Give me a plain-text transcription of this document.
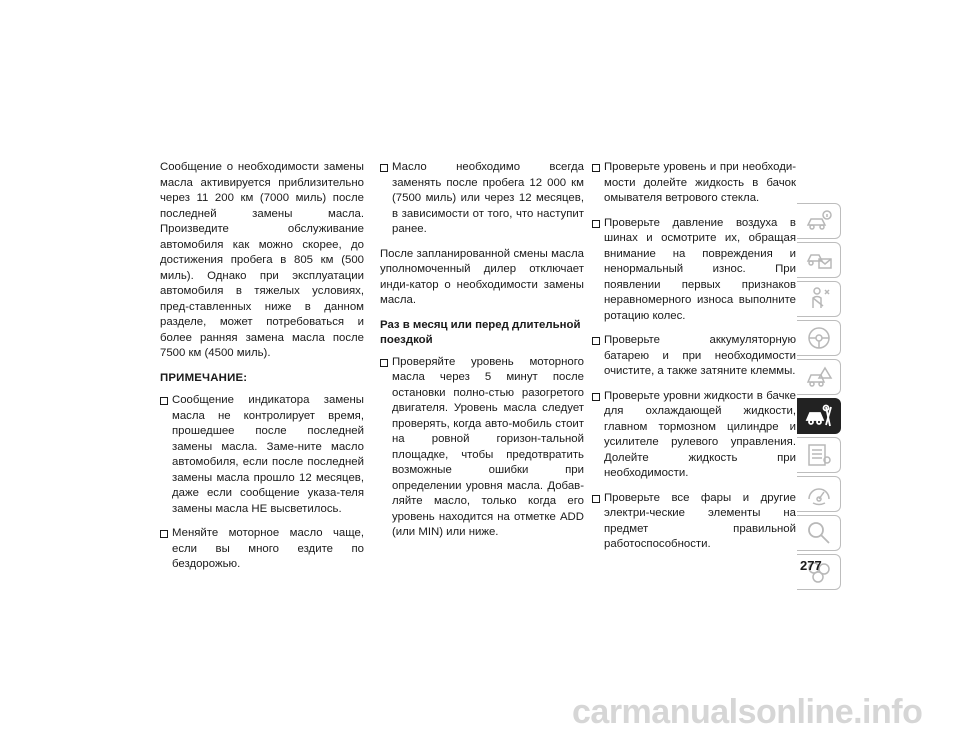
Сообщение о необходимости замены масла активируется приблизительно через 11 200 км (7000 миль) после последней замены масла. Произведите обслуживание автомобиля как можно скорее, до достижения пробега в 805 км (500 миль). Однако при эксплуатации автомобиля в тяжелых условиях, пред-ставленных ниже в данном разделе, может потребоваться и более ранняя замена масла после 7500 км (4500 миль).

ПРИМЕЧАНИЕ:
Сообщение индикатора замены масла не контролирует время, прошедшее после последней замены масла. Заме-ните масло автомобиля, если после последней замены масла прошло 12 месяцев, даже если сообщение указа-теля замены масла НЕ высветилось.
Меняйте моторное масло чаще, если вы много ездите по бездорожью.
Масло необходимо всегда заменять после пробега 12 000 км (7500 миль) или через 12 месяцев, в зависимости от того, что наступит ранее.

После запланированной смены масла уполномоченный дилер отключает инди-катор о необходимости замены масла.

Раз в месяц или перед длительной поездкой
Проверяйте уровень моторного масла через 5 минут после остановки полно-стью разогретого двигателя. Уровень масла следует проверять, когда авто-мобиль стоит на ровной горизон-тальной площадке, чтобы предотвратить возможные ошибки при определении уровня масла. Добав-ляйте масло, только когда его уровень находится на отметке ADD (или MIN) или ниже.
Проверьте уровень и при необходи-мости долейте жидкость в бачок омывателя ветрового стекла.
Проверьте давление воздуха в шинах и осмотрите их, обращая внимание на повреждения и ненормальный износ. При появлении первых признаков неравномерного износа выполните ротацию колес.
Проверьте аккумуляторную батарею и при необходимости очистите, а также затяните клеммы.
Проверьте уровни жидкости в бачке для охлаждающей жидкости, главном тормозном цилиндре и усилителе рулевого управления. Долейте жидкость при необходимости.
Проверьте все фары и другие электри-ческие элементы на предмет правильной работоспособности.
277
carmanualsonline.info
